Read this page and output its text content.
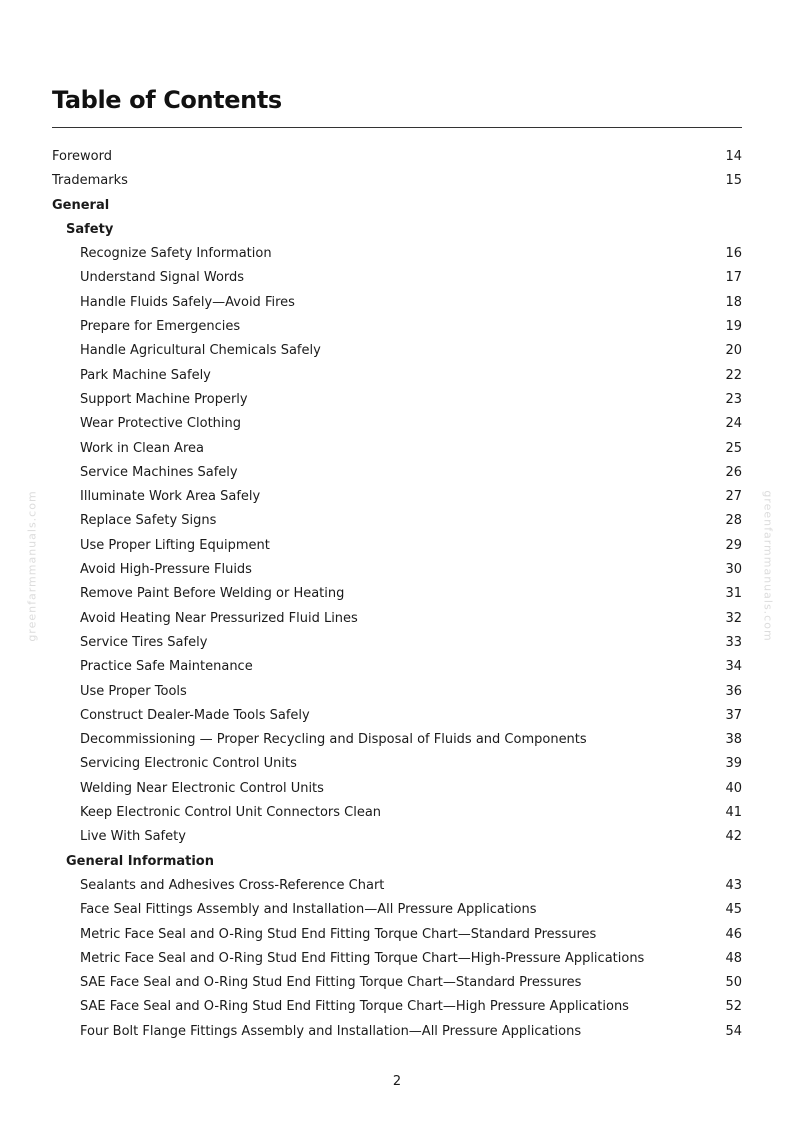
Table of Contents
Foreword	14
Trademarks	15
General
Safety
Recognize Safety Information	16
Understand Signal Words	17
Handle Fluids Safely—Avoid Fires	18
Prepare for Emergencies	19
Handle Agricultural Chemicals Safely	20
Park Machine Safely	22
Support Machine Properly	23
Wear Protective Clothing	24
Work in Clean Area	25
Service Machines Safely	26
Illuminate Work Area Safely	27
Replace Safety Signs	28
Use Proper Lifting Equipment	29
Avoid High-Pressure Fluids	30
Remove Paint Before Welding or Heating	31
Avoid Heating Near Pressurized Fluid Lines	32
Service Tires Safely	33
Practice Safe Maintenance	34
Use Proper Tools	36
Construct Dealer-Made Tools Safely	37
Decommissioning — Proper Recycling and Disposal of Fluids and Components	38
Servicing Electronic Control Units	39
Welding Near Electronic Control Units	40
Keep Electronic Control Unit Connectors Clean	41
Live With Safety	42
General Information
Sealants and Adhesives Cross-Reference Chart	43
Face Seal Fittings Assembly and Installation—All Pressure Applications	45
Metric Face Seal and O-Ring Stud End Fitting Torque Chart—Standard Pressures	46
Metric Face Seal and O-Ring Stud End Fitting Torque Chart—High-Pressure Applications	48
SAE Face Seal and O-Ring Stud End Fitting Torque Chart—Standard Pressures	50
SAE Face Seal and O-Ring Stud End Fitting Torque Chart—High Pressure Applications	52
Four Bolt Flange Fittings Assembly and Installation—All Pressure Applications	54
greenfarmmanuals.com	greenfarmmanuals.com
2
